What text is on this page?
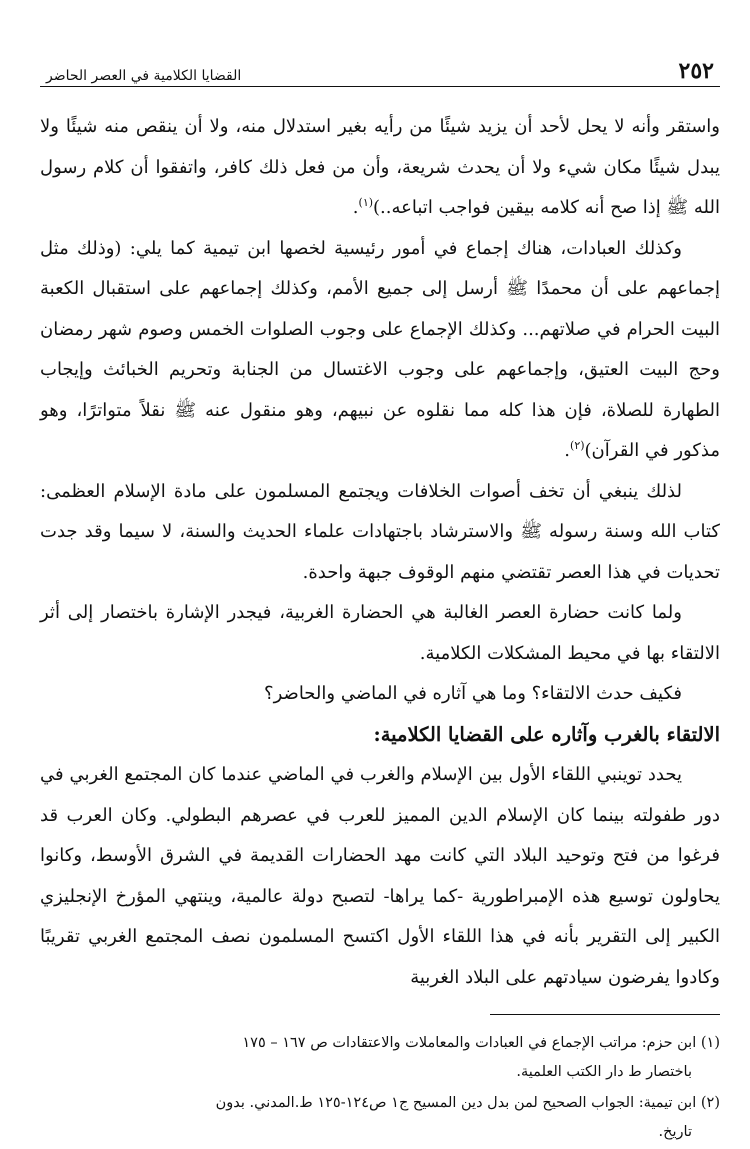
٢٥٢
القضايا الكلامية في العصر الحاضر

واستقر وأنه لا يحل لأحد أن يزيد شيئًا من رأيه بغير استدلال منه، ولا أن ينقص منه شيئًا ولا يبدل شيئًا مكان شيء ولا أن يحدث شريعة، وأن من فعل ذلك كافر، واتفقوا أن كلام رسول الله ﷺ إذا صح أنه كلامه بيقين فواجب اتباعه..)$^{(١)}$.

وكذلك العبادات، هناك إجماع في أمور رئيسية لخصها ابن تيمية كما يلي: (وذلك مثل إجماعهم على أن محمدًا ﷺ أرسل إلى جميع الأمم، وكذلك إجماعهم على استقبال الكعبة البيت الحرام في صلاتهم... وكذلك الإجماع على وجوب الصلوات الخمس وصوم شهر رمضان وحج البيت العتيق، وإجماعهم على وجوب الاغتسال من الجنابة وتحريم الخبائث وإيجاب الطهارة للصلاة، فإن هذا كله مما نقلوه عن نبيهم، وهو منقول عنه ﷺ نقلاً متواترًا، وهو مذكور في القرآن)$^{(٢)}$.

لذلك ينبغي أن تخف أصوات الخلافات ويجتمع المسلمون على مادة الإسلام العظمى: كتاب الله وسنة رسوله ﷺ والاسترشاد باجتهادات علماء الحديث والسنة، لا سيما وقد جدت تحديات في هذا العصر تقتضي منهم الوقوف جبهة واحدة.

ولما كانت حضارة العصر الغالبة هي الحضارة الغربية، فيجدر الإشارة باختصار إلى أثر الالتقاء بها في محيط المشكلات الكلامية.

فكيف حدث الالتقاء؟ وما هي آثاره في الماضي والحاضر؟

الالتقاء بالغرب وآثاره على القضايا الكلامية:

يحدد توينبي اللقاء الأول بين الإسلام والغرب في الماضي عندما كان المجتمع الغربي في دور طفولته بينما كان الإسلام الدين المميز للعرب في عصرهم البطولي. وكان العرب قد فرغوا من فتح وتوحيد البلاد التي كانت مهد الحضارات القديمة في الشرق الأوسط، وكانوا يحاولون توسيع هذه الإمبراطورية -كما يراها- لتصبح دولة عالمية، وينتهي المؤرخ الإنجليزي الكبير إلى التقرير بأنه في هذا اللقاء الأول اكتسح المسلمون نصف المجتمع الغربي تقريبًا وكادوا يفرضون سيادتهم على البلاد الغربية

(١) ابن حزم: مراتب الإجماع في العبادات والمعاملات والاعتقادات ص ١٦٧ – ١٧٥
باختصار ط دار الكتب العلمية.

(٢) ابن تيمية: الجواب الصحيح لمن بدل دين المسيح ج١ ص١٢٤-١٢٥ ط.المدني. بدون
تاريخ.
